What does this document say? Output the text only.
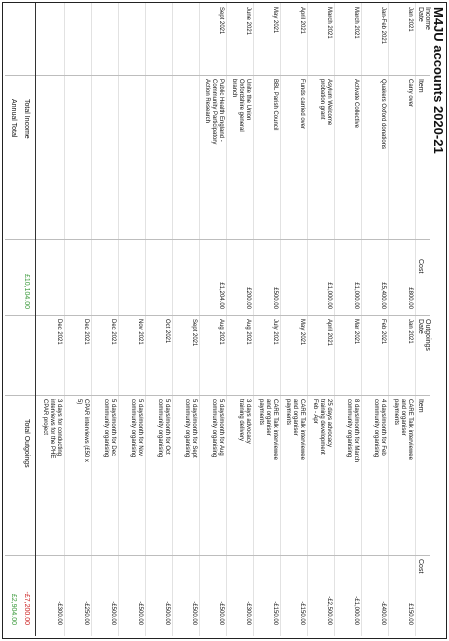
M4JU accounts 2020-21
Income
Outgoings
Date
Item
Cost
Date
Item
Cost
Jan 2021
Carry over
£800.00
Jan 2021
CARE Talk interviewee
and organiser
payments
£150.00
Jan-Feb 2021
Quakers Oxford donations
£5,400.00
Feb 2021
4 days/month for Feb
community organising
-£400.00
March 2021
Activate Collective
£1,000.00
Mar 2021
8 days/month for March
community organising
-£1,000.00
March 2021
Asylum Welcome
probation grant
£1,000.00
April 2021
25 days advocacy
training development
Feb - Apr
-£2,500.00
April 2021
Funds carried over
May 2021
CARE Talk interviewee
and organiser
payments
-£150.00
May 2021
BBL Parish Council
£500.00
July 2021
CARE Talk interviewee
and organiser
payments
-£150.00
June 2021
Unite the Union
Oxfordshire general
branch
£200.00
Aug 2021
3 days advocacy
training delivery
-£300.00
Sept 2021
Public Health England -
Community Participatory
Action Research
£1,204.00
Aug 2021
5 days/month for Aug
community organising
-£500.00
Sept 2021
5 days/month for Sept
community organising
-£500.00
Oct 2021
5 days/month for Oct
community organising
-£500.00
Nov 2021
5 days/month for Nov
community organising
-£500.00
Dec 2021
5 days/month for Dec
community organising
-£500.00
Dec 2021
CPAR interviews (£50 x
5)
-£250.00
Dec 2021
3 days for conducting
interviews for the PHE
CPAR project
-£300.00
Total Income
£10,104.00
Total Outgoings
-£7,200.00
Annual Total
£2,904.00
